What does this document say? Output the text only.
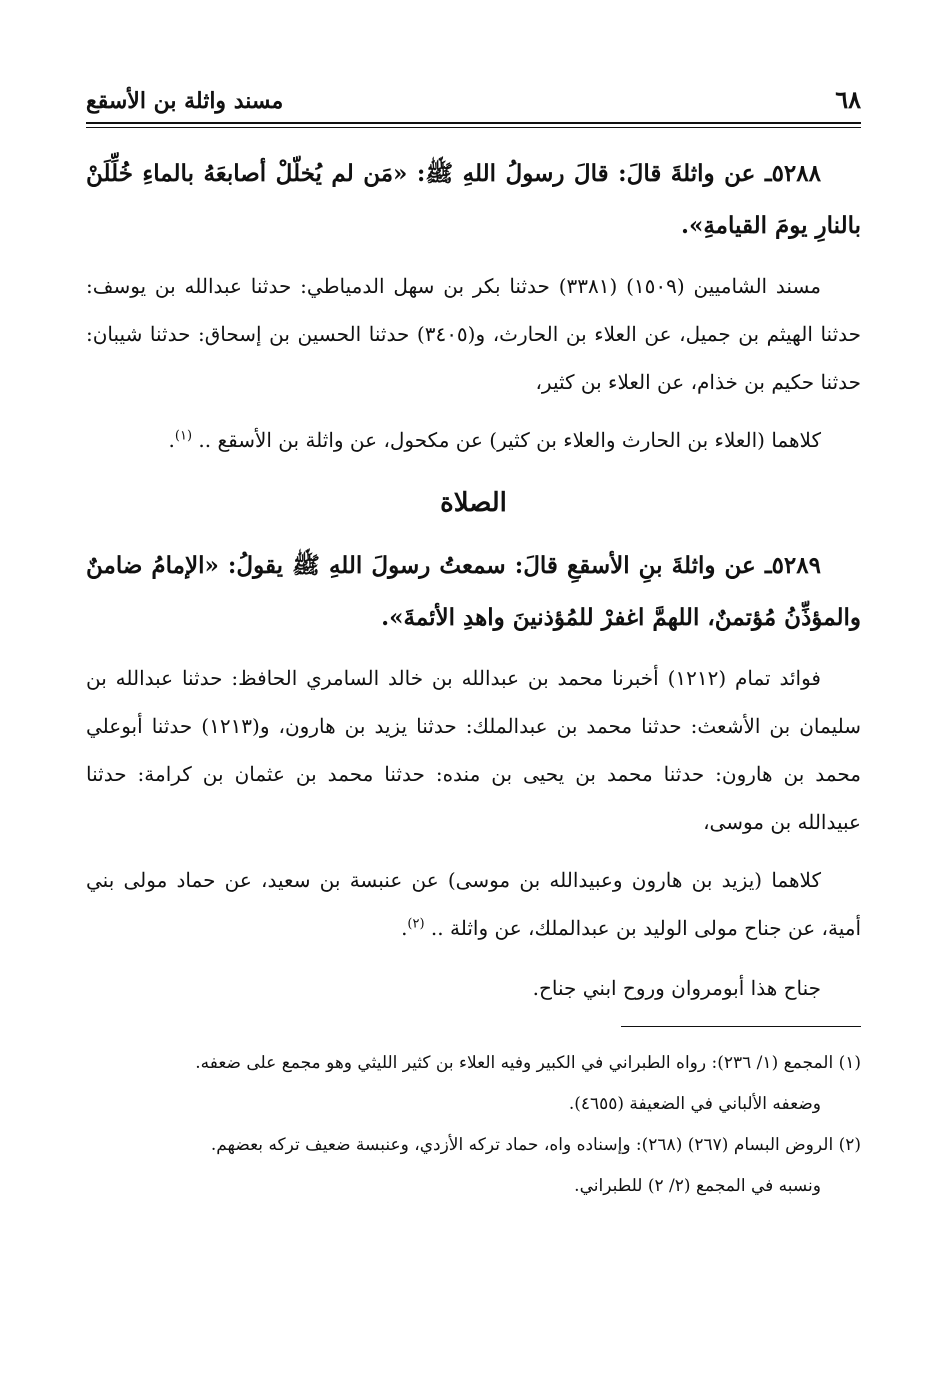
٦٨
مسند واثلة بن الأسقع

٥٢٨٨ـ عن واثلةَ قالَ: قالَ رسولُ اللهِ ﷺ: «مَن لم يُخلّلْ أصابعَهُ بالماءِ خُلِّلَنْ بالنارِ يومَ القيامةِ».

مسند الشاميين (١٥٠٩) (٣٣٨١) حدثنا بكر بن سهل الدمياطي: حدثنا عبدالله بن يوسف: حدثنا الهيثم بن جميل، عن العلاء بن الحارث، و(٣٤٠٥) حدثنا الحسين بن إسحاق: حدثنا شيبان: حدثنا حكيم بن خذام، عن العلاء بن كثير،

كلاهما (العلاء بن الحارث والعلاء بن كثير) عن مكحول، عن واثلة بن الأسقع .. $^{(١)}$.

الصلاة

٥٢٨٩ـ عن واثلةَ بنِ الأسقعِ قالَ: سمعتُ رسولَ اللهِ ﷺ يقولُ: «الإمامُ ضامنٌ والمؤذِّنُ مُؤتمنٌ، اللهمَّ اغفرْ للمُؤذنينَ واهدِ الأئمةَ».

فوائد تمام (١٢١٢) أخبرنا محمد بن عبدالله بن خالد السامري الحافظ: حدثنا عبدالله بن سليمان بن الأشعث: حدثنا محمد بن عبدالملك: حدثنا يزيد بن هارون، و(١٢١٣) حدثنا أبوعلي محمد بن هارون: حدثنا محمد بن يحيى بن منده: حدثنا محمد بن عثمان بن كرامة: حدثنا عبيدالله بن موسى،

كلاهما (يزيد بن هارون وعبيدالله بن موسى) عن عنبسة بن سعيد، عن حماد مولى بني أمية، عن جناح مولى الوليد بن عبدالملك، عن واثلة .. $^{(٢)}$.

جناح هذا أبومروان وروح ابني جناح.

(١) المجمع (١/ ٢٣٦): رواه الطبراني في الكبير وفيه العلاء بن كثير الليثي وهو مجمع على ضعفه.

وضعفه الألباني في الضعيفة (٤٦٥٥).

(٢) الروض البسام (٢٦٧) (٢٦٨): وإسناده واه، حماد تركه الأزدي، وعنبسة ضعيف تركه بعضهم.

ونسبه في المجمع (٢/ ٢) للطبراني.
